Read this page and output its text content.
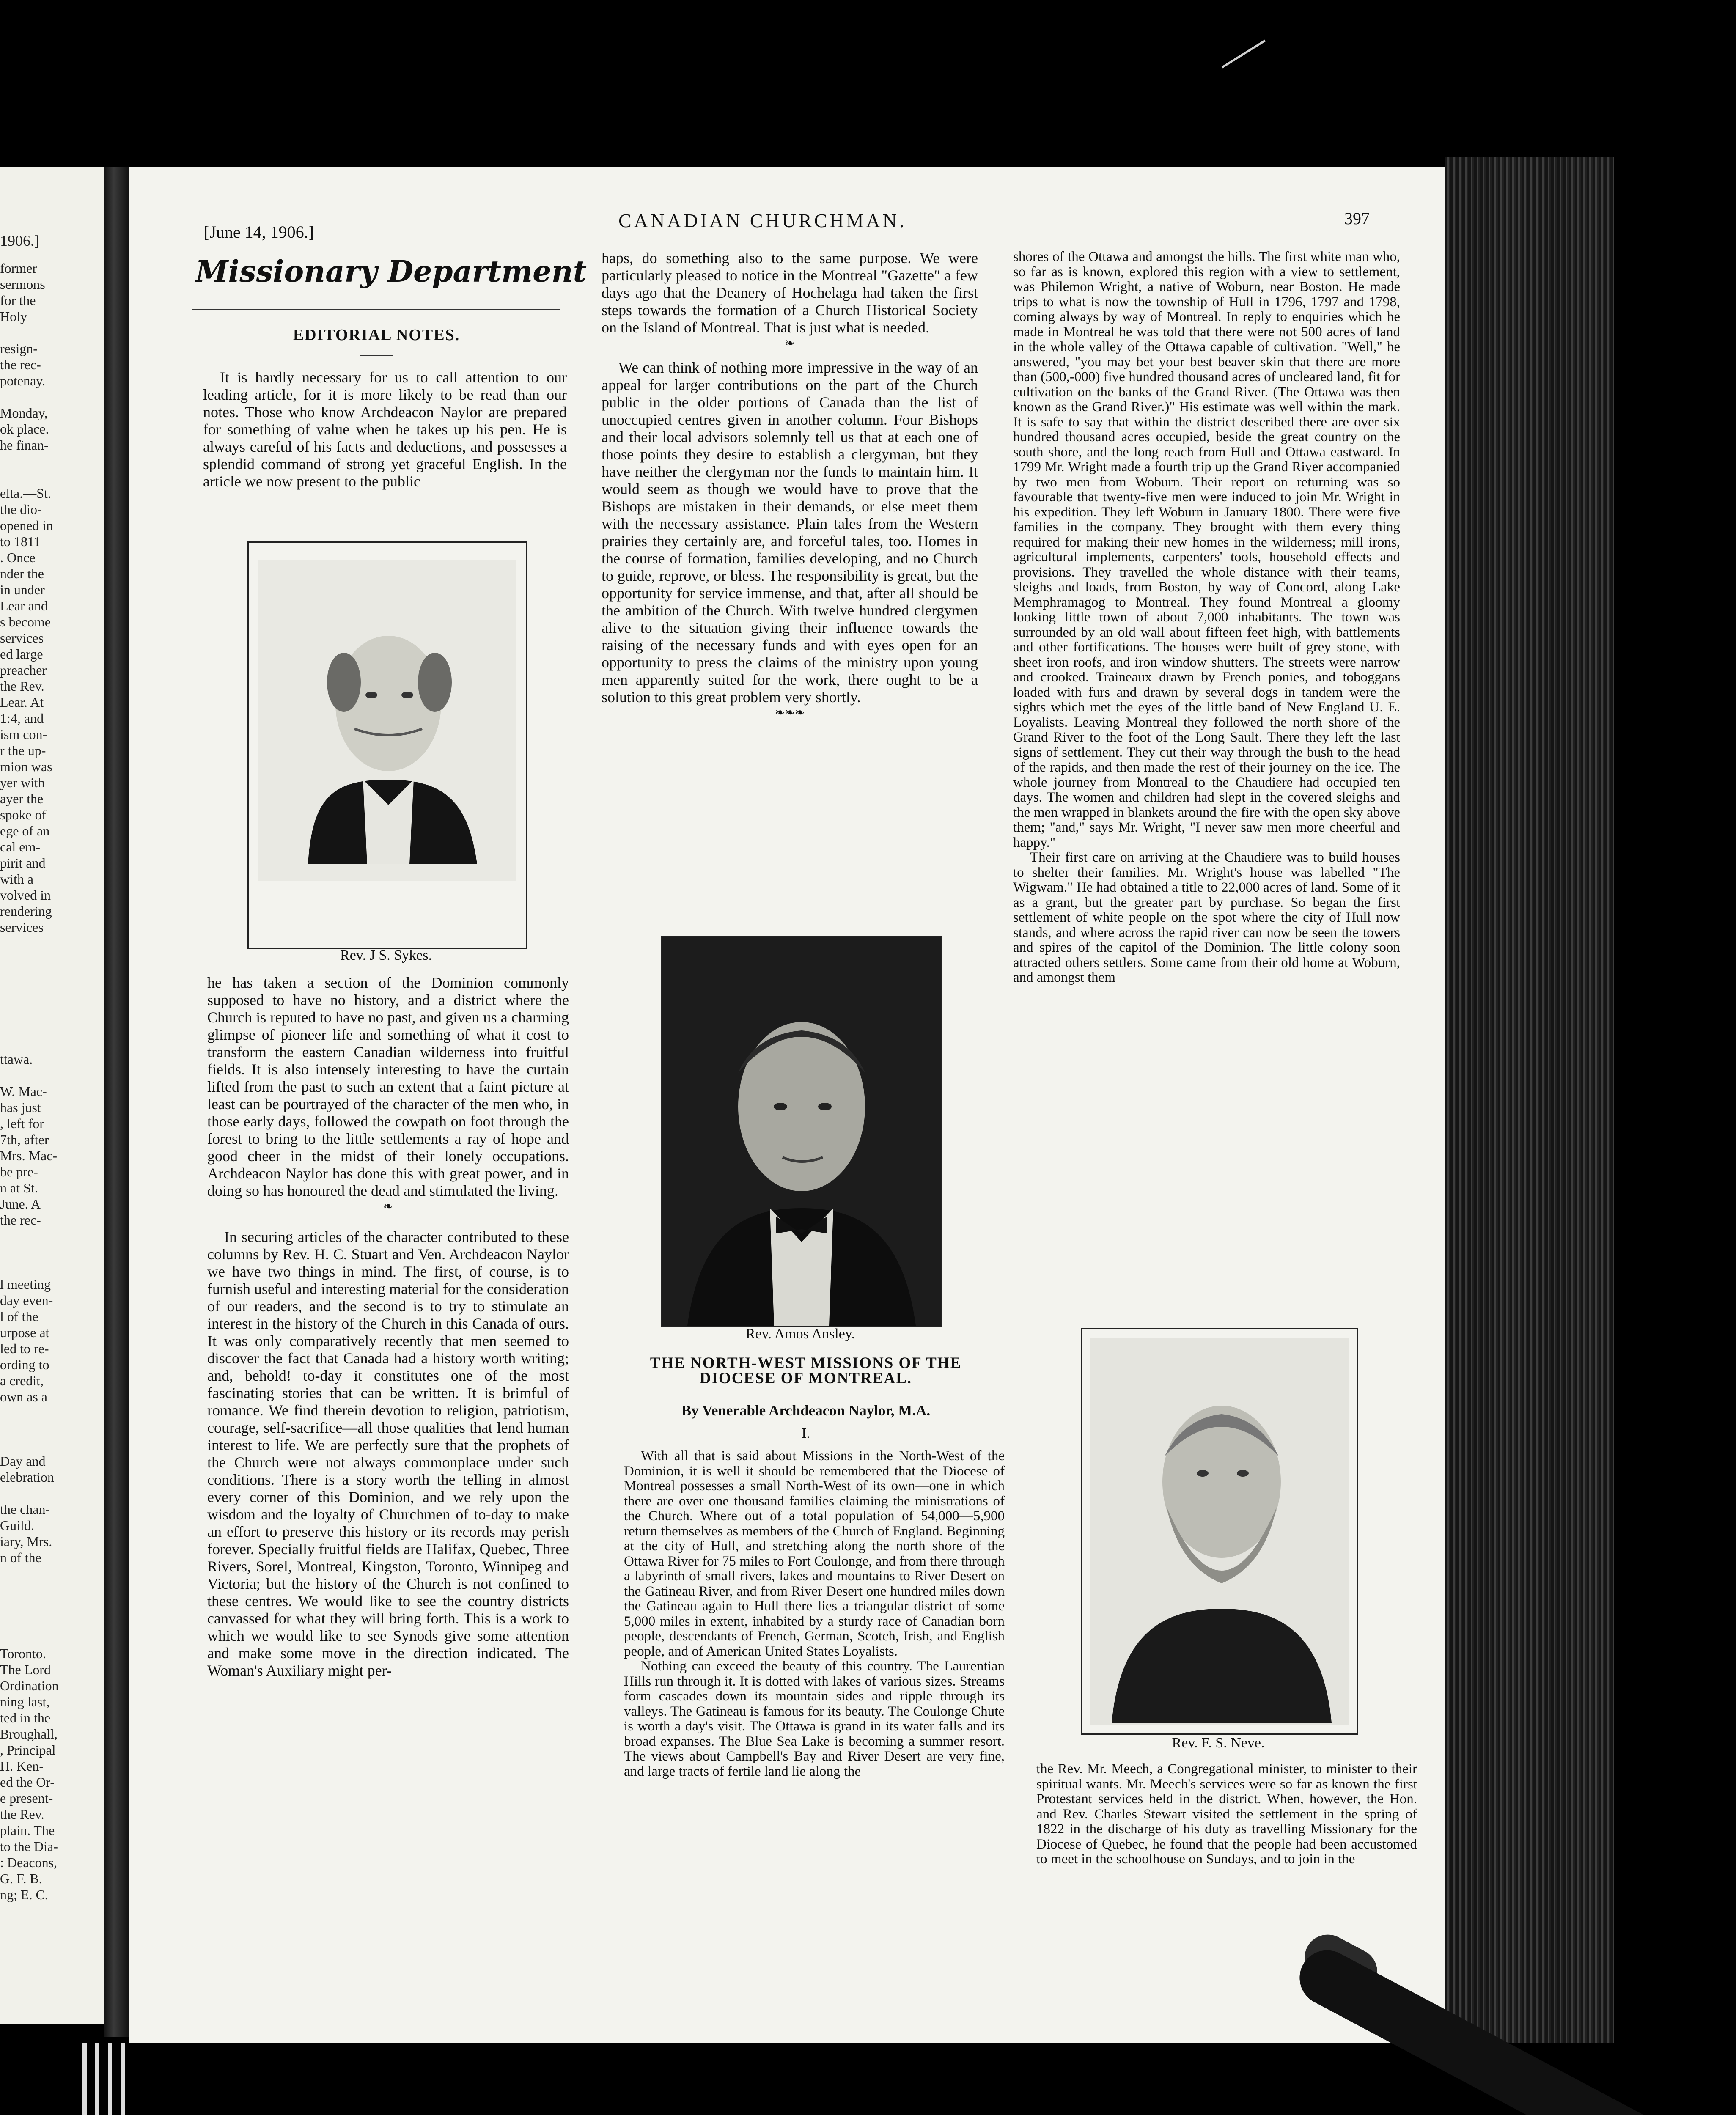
former
sermons
for the
Holy
resign-
the rec-
potenay.
Monday,
ok place.
he finan-
elta.—St.
the dio-
opened in
to 1811
. Once
nder the
in under
Lear and
s become
services
ed large
preacher
the Rev.
Lear. At
1:4, and
ism con-
r the up-
mion was
yer with
ayer the
spoke of
ege of an
cal em-
pirit and
with a
volved in
rendering
services
ttawa.
W. Mac-
has just
, left for
7th, after
Mrs. Mac-
be pre-
n at St.
June. A
the rec-
l meeting
day even-
l of the
urpose at
led to re-
ording to
a credit,
own as a
Day and
elebration
the chan-
Guild.
iary, Mrs.
n of the
Toronto.
The Lord
Ordination
ning last,
ted in the
Broughall,
, Principal
H. Ken-
ed the Or-
e present-
the Rev.
plain. The
to the Dia-
: Deacons,
G. F. B.
ng; E. C.
1906.]	[June 14, 1906.]
CANADIAN CHURCHMAN.	397
Missionary Department
EDITORIAL NOTES.

It is hardly necessary for us to call attention to our leading article, for it is more likely to be read than our notes. Those who know Archdeacon Naylor are prepared for something of value when he takes up his pen. He is always careful of his facts and deductions, and possesses a splendid command of strong yet graceful English. In the article we now present to the public

Rev. J S. Sykes.

he has taken a section of the Dominion commonly supposed to have no history, and a district where the Church is reputed to have no past, and given us a charming glimpse of pioneer life and something of what it cost to transform the eastern Canadian wilderness into fruitful fields. It is also intensely interesting to have the curtain lifted from the past to such an extent that a faint picture at least can be pourtrayed of the character of the men who, in those early days, followed the cowpath on foot through the forest to bring to the little settlements a ray of hope and good cheer in the midst of their lonely occupations. Archdeacon Naylor has done this with great power, and in doing so has honoured the dead and stimulated the living.

❧

In securing articles of the character contributed to these columns by Rev. H. C. Stuart and Ven. Archdeacon Naylor we have two things in mind. The first, of course, is to furnish useful and interesting material for the consideration of our readers, and the second is to try to stimulate an interest in the history of the Church in this Canada of ours. It was only comparatively recently that men seemed to discover the fact that Canada had a history worth writing; and, behold! to-day it constitutes one of the most fascinating stories that can be written. It is brimful of romance. We find therein devotion to religion, patriotism, courage, self-sacrifice—all those qualities that lend human interest to life. We are perfectly sure that the prophets of the Church were not always commonplace under such conditions. There is a story worth the telling in almost every corner of this Dominion, and we rely upon the wisdom and the loyalty of Churchmen of to-day to make an effort to preserve this history or its records may perish forever. Specially fruitful fields are Halifax, Quebec, Three Rivers, Sorel, Montreal, Kingston, Toronto, Winnipeg and Victoria; but the history of the Church is not confined to these centres. We would like to see the country districts canvassed for what they will bring forth. This is a work to which we would like to see Synods give some attention and make some move in the direction indicated. The Woman's Auxiliary might per-

haps, do something also to the same purpose. We were particularly pleased to notice in the Montreal "Gazette" a few days ago that the Deanery of Hochelaga had taken the first steps towards the formation of a Church Historical Society on the Island of Montreal. That is just what is needed.

❧

We can think of nothing more impressive in the way of an appeal for larger contributions on the part of the Church public in the older portions of Canada than the list of unoccupied centres given in another column. Four Bishops and their local advisors solemnly tell us that at each one of those points they desire to establish a clergyman, but they have neither the clergyman nor the funds to maintain him. It would seem as though we would have to prove that the Bishops are mistaken in their demands, or else meet them with the necessary assistance. Plain tales from the Western prairies they certainly are, and forceful tales, too. Homes in the course of formation, families developing, and no Church to guide, reprove, or bless. The responsibility is great, but the opportunity for service immense, and that, after all should be the ambition of the Church. With twelve hundred clergymen alive to the situation giving their influence towards the raising of the necessary funds and with eyes open for an opportunity to press the claims of the ministry upon young men apparently suited for the work, there ought to be a solution to this great problem very shortly.

❧❧❧
Rev. Amos Ansley.
THE NORTH-WEST MISSIONS OF THE DIOCESE OF MONTREAL.
By Venerable Archdeacon Naylor, M.A.
I.

With all that is said about Missions in the North-West of the Dominion, it is well it should be remembered that the Diocese of Montreal possesses a small North-West of its own—one in which there are over one thousand families claiming the ministrations of the Church. Where out of a total population of 54,000—5,900 return themselves as members of the Church of England. Beginning at the city of Hull, and stretching along the north shore of the Ottawa River for 75 miles to Fort Coulonge, and from there through a labyrinth of small rivers, lakes and mountains to River Desert on the Gatineau River, and from River Desert one hundred miles down the Gatineau again to Hull there lies a triangular district of some 5,000 miles in extent, inhabited by a sturdy race of Canadian born people, descendants of French, German, Scotch, Irish, and English people, and of American United States Loyalists.

Nothing can exceed the beauty of this country. The Laurentian Hills run through it. It is dotted with lakes of various sizes. Streams form cascades down its mountain sides and ripple through its valleys. The Gatineau is famous for its beauty. The Coulonge Chute is worth a day's visit. The Ottawa is grand in its water falls and its broad expanses. The Blue Sea Lake is becoming a summer resort. The views about Campbell's Bay and River Desert are very fine, and large tracts of fertile land lie along the

shores of the Ottawa and amongst the hills. The first white man who, so far as is known, explored this region with a view to settlement, was Philemon Wright, a native of Woburn, near Boston. He made trips to what is now the township of Hull in 1796, 1797 and 1798, coming always by way of Montreal. In reply to enquiries which he made in Montreal he was told that there were not 500 acres of land in the whole valley of the Ottawa capable of cultivation. "Well," he answered, "you may bet your best beaver skin that there are more than (500,-000) five hundred thousand acres of uncleared land, fit for cultivation on the banks of the Grand River. (The Ottawa was then known as the Grand River.)" His estimate was well within the mark. It is safe to say that within the district described there are over six hundred thousand acres occupied, beside the great country on the south shore, and the long reach from Hull and Ottawa eastward. In 1799 Mr. Wright made a fourth trip up the Grand River accompanied by two men from Woburn. Their report on returning was so favourable that twenty-five men were induced to join Mr. Wright in his expedition. They left Woburn in January 1800. There were five families in the company. They brought with them every thing required for making their new homes in the wilderness; mill irons, agricultural implements, carpenters' tools, household effects and provisions. They travelled the whole distance with their teams, sleighs and loads, from Boston, by way of Concord, along Lake Memphramagog to Montreal. They found Montreal a gloomy looking little town of about 7,000 inhabitants. The town was surrounded by an old wall about fifteen feet high, with battlements and other fortifications. The houses were built of grey stone, with sheet iron roofs, and iron window shutters. The streets were narrow and crooked. Traineaux drawn by French ponies, and toboggans loaded with furs and drawn by several dogs in tandem were the sights which met the eyes of the little band of New England U. E. Loyalists. Leaving Montreal they followed the north shore of the Grand River to the foot of the Long Sault. There they left the last signs of settlement. They cut their way through the bush to the head of the rapids, and then made the rest of their journey on the ice. The whole journey from Montreal to the Chaudiere had occupied ten days. The women and children had slept in the covered sleighs and the men wrapped in blankets around the fire with the open sky above them; "and," says Mr. Wright, "I never saw men more cheerful and happy."

Their first care on arriving at the Chaudiere was to build houses to shelter their families. Mr. Wright's house was labelled "The Wigwam." He had obtained a title to 22,000 acres of land. Some of it as a grant, but the greater part by purchase. So began the first settlement of white people on the spot where the city of Hull now stands, and where across the rapid river can now be seen the towers and spires of the capitol of the Dominion. The little colony soon attracted others settlers. Some came from their old home at Woburn, and amongst them

Rev. F. S. Neve.

the Rev. Mr. Meech, a Congregational minister, to minister to their spiritual wants. Mr. Meech's services were so far as known the first Protestant services held in the district. When, however, the Hon. and Rev. Charles Stewart visited the settlement in the spring of 1822 in the discharge of his duty as travelling Missionary for the Diocese of Quebec, he found that the people had been accustomed to meet in the schoolhouse on Sundays, and to join in the
